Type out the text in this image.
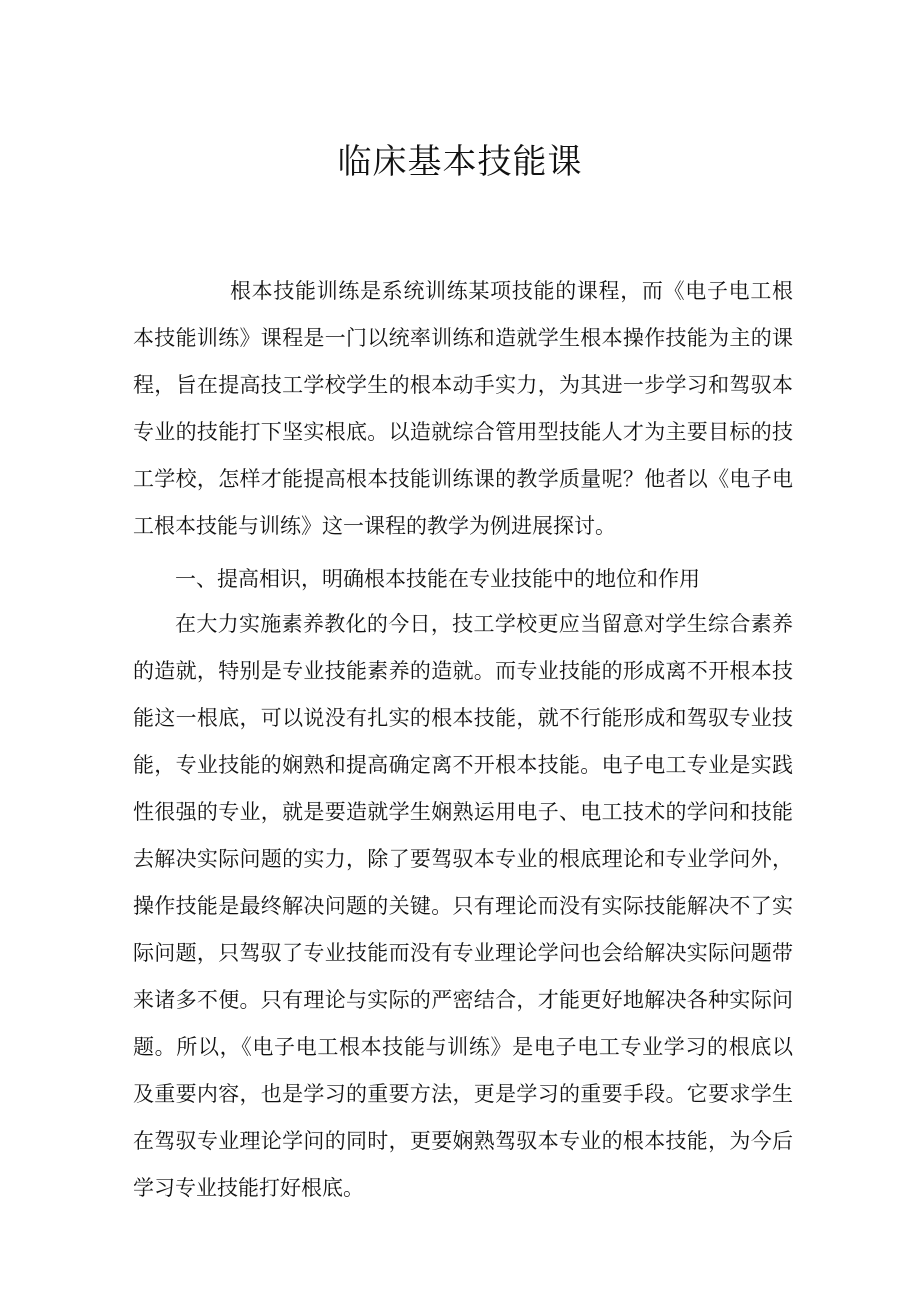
临床基本技能课

根本技能训练是系统训练某项技能的课程，而《电子电工根本技能训练》课程是一门以统率训练和造就学生根本操作技能为主的课程，旨在提高技工学校学生的根本动手实力，为其进一步学习和驾驭本专业的技能打下坚实根底。以造就综合管用型技能人才为主要目标的技工学校，怎样才能提高根本技能训练课的教学质量呢？他者以《电子电工根本技能与训练》这一课程的教学为例进展探讨。

一、提高相识，明确根本技能在专业技能中的地位和作用

在大力实施素养教化的今日，技工学校更应当留意对学生综合素养的造就，特别是专业技能素养的造就。而专业技能的形成离不开根本技能这一根底，可以说没有扎实的根本技能，就不行能形成和驾驭专业技能，专业技能的娴熟和提高确定离不开根本技能。电子电工专业是实践性很强的专业，就是要造就学生娴熟运用电子、电工技术的学问和技能去解决实际问题的实力，除了要驾驭本专业的根底理论和专业学问外，操作技能是最终解决问题的关键。只有理论而没有实际技能解决不了实际问题，只驾驭了专业技能而没有专业理论学问也会给解决实际问题带来诸多不便。只有理论与实际的严密结合，才能更好地解决各种实际问题。所以，《电子电工根本技能与训练》是电子电工专业学习的根底以及重要内容，也是学习的重要方法，更是学习的重要手段。它要求学生在驾驭专业理论学问的同时，更要娴熟驾驭本专业的根本技能，为今后学习专业技能打好根底。
